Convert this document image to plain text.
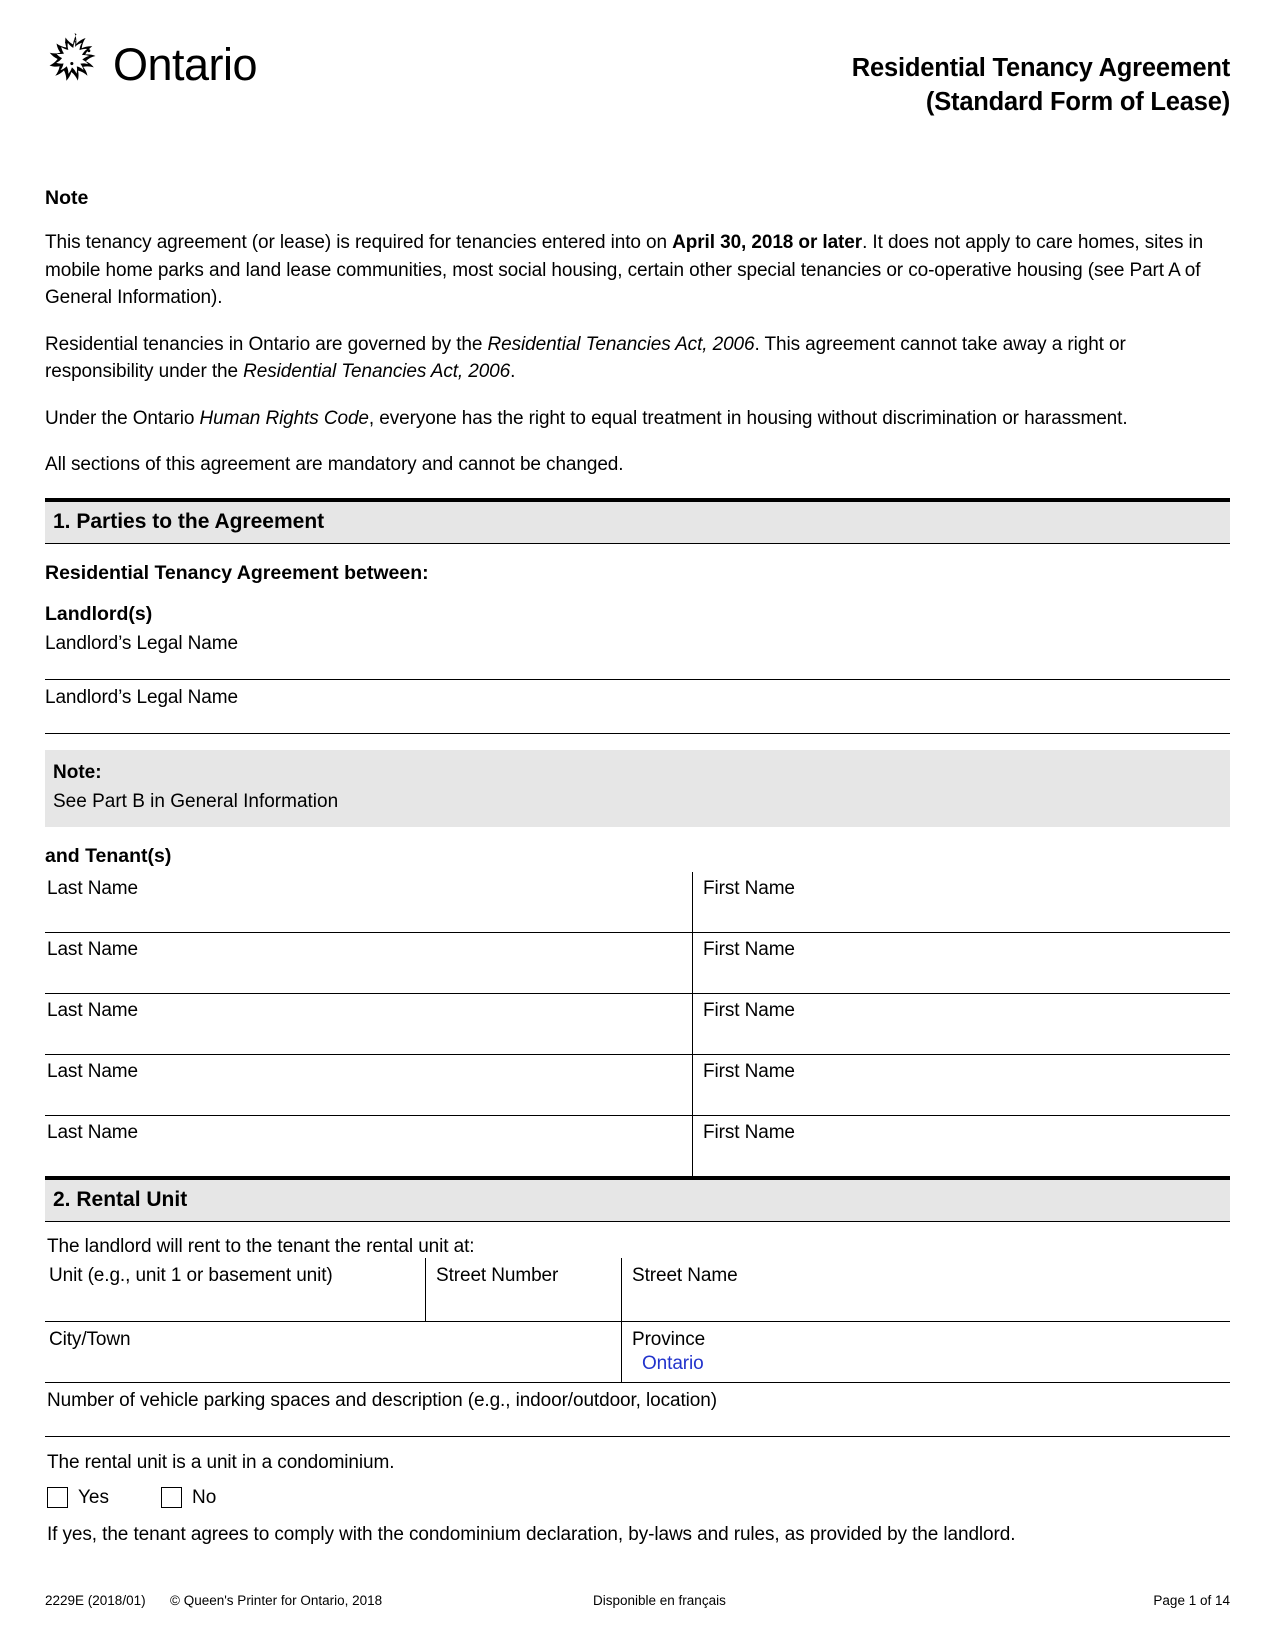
Ontario	Residential Tenancy Agreement
(Standard Form of Lease)
Note

This tenancy agreement (or lease) is required for tenancies entered into on April 30, 2018 or later. It does not apply to care homes, sites in mobile home parks and land lease communities, most social housing, certain other special tenancies or co-operative housing (see Part A of General Information).

Residential tenancies in Ontario are governed by the Residential Tenancies Act, 2006. This agreement cannot take away a right or responsibility under the Residential Tenancies Act, 2006.

Under the Ontario Human Rights Code, everyone has the right to equal treatment in housing without discrimination or harassment.

All sections of this agreement are mandatory and cannot be changed.

1. Parties to the Agreement
Residential Tenancy Agreement between:
Landlord(s)
Landlord’s Legal Name
Landlord’s Legal Name
Note:
See Part B in General Information
and Tenant(s)
Last Name	First Name
Last Name	First Name
Last Name	First Name
Last Name	First Name
Last Name	First Name
2. Rental Unit
The landlord will rent to the tenant the rental unit at:
Unit (e.g., unit 1 or basement unit)	Street Number	Street Name
City/Town		Province
Ontario
Number of vehicle parking spaces and description (e.g., indoor/outdoor, location)
The rental unit is a unit in a condominium.
Yes	No
If yes, the tenant agrees to comply with the condominium declaration, by-laws and rules, as provided by the landlord.
2229E (2018/01)	© Queen's Printer for Ontario, 2018	Disponible en français	Page 1 of 14
